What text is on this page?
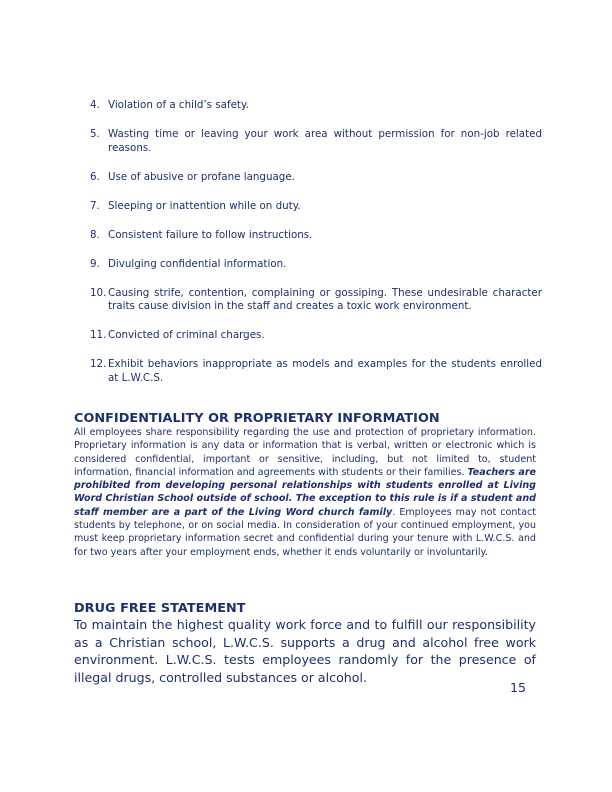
4. Violation of a child’s safety.
5. Wasting time or leaving your work area without permission for non-job related reasons.
6. Use of abusive or profane language.
7. Sleeping or inattention while on duty.
8. Consistent failure to follow instructions.
9. Divulging confidential information.
10. Causing strife, contention, complaining or gossiping. These undesirable character traits cause division in the staff and creates a toxic work environment.
11. Convicted of criminal charges.
12. Exhibit behaviors inappropriate as models and examples for the students enrolled at L.W.C.S.
CONFIDENTIALITY OR PROPRIETARY INFORMATION

All employees share responsibility regarding the use and protection of proprietary information. Proprietary information is any data or information that is verbal, written or electronic which is considered confidential, important or sensitive, including, but not limited to, student information, financial information and agreements with students or their families. Teachers are prohibited from developing personal relationships with students enrolled at Living Word Christian School outside of school. The exception to this rule is if a student and staff member are a part of the Living Word church family. Employees may not contact students by telephone, or on social media. In consideration of your continued employment, you must keep proprietary information secret and confidential during your tenure with L.W.C.S. and for two years after your employment ends, whether it ends voluntarily or involuntarily.

DRUG FREE STATEMENT

To maintain the highest quality work force and to fulfill our responsibility as a Christian school, L.W.C.S. supports a drug and alcohol free work environment. L.W.C.S. tests employees randomly for the presence of illegal drugs, controlled substances or alcohol.

15
